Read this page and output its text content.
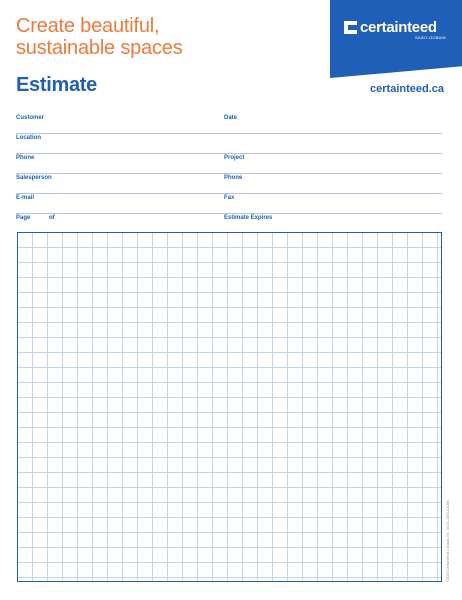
Create beautiful,
sustainable spaces
certainteed
SAINT-GOBAIN
Estimate	certainteed.ca
Customer	Date
Location
Phone	Project
Salesperson	Phone
E-mail	Fax
Page	of	Estimate Expires
©2023 CertainTeed Canada, Inc. 00-01-1824-CA-EN
